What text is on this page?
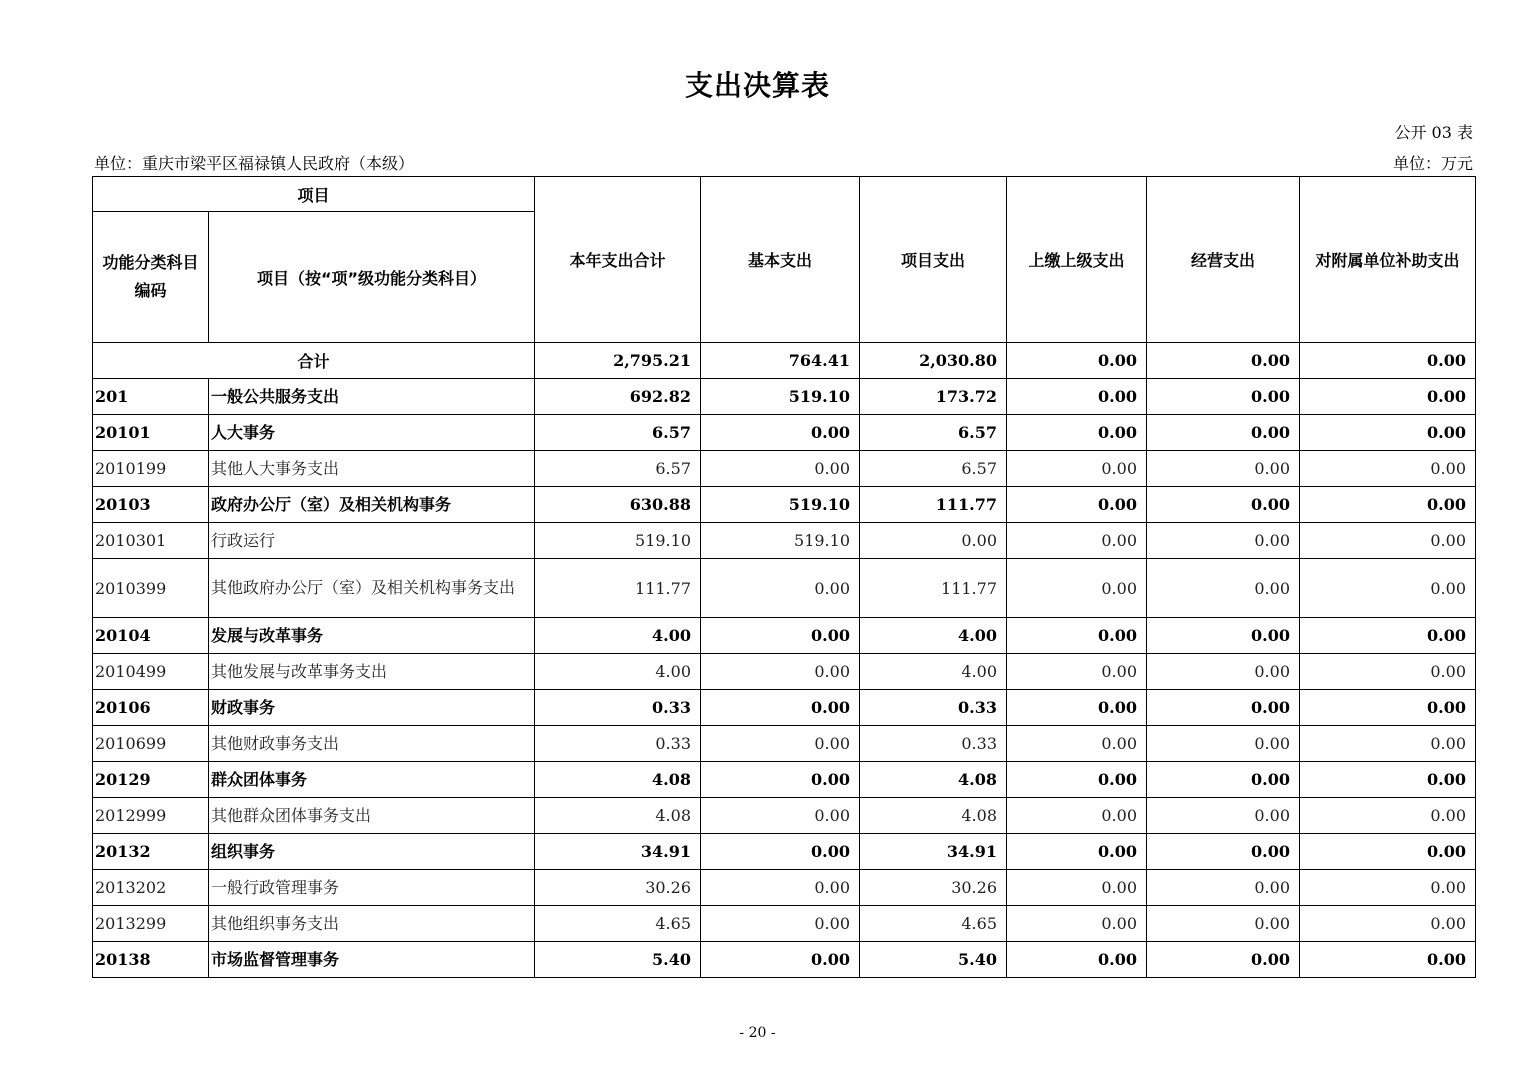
支出决算表
公开 03 表
单位：重庆市梁平区福禄镇人民政府（本级）	单位：万元
项目		本年支出合计	基本支出	项目支出	上缴上级支出	经营支出	对附属单位补助支出
功能分类科目编码	项目（按“项”级功能分类科目）						
合计		2,795.21	764.41	2,030.80	0.00	0.00	0.00
201	一般公共服务支出	692.82	519.10	173.72	0.00	0.00	0.00
20101	人大事务	6.57	0.00	6.57	0.00	0.00	0.00
2010199	其他人大事务支出	6.57	0.00	6.57	0.00	0.00	0.00
20103	政府办公厅（室）及相关机构事务	630.88	519.10	111.77	0.00	0.00	0.00
2010301	行政运行	519.10	519.10	0.00	0.00	0.00	0.00
2010399	其他政府办公厅（室）及相关机构事务支出	111.77	0.00	111.77	0.00	0.00	0.00
20104	发展与改革事务	4.00	0.00	4.00	0.00	0.00	0.00
2010499	其他发展与改革事务支出	4.00	0.00	4.00	0.00	0.00	0.00
20106	财政事务	0.33	0.00	0.33	0.00	0.00	0.00
2010699	其他财政事务支出	0.33	0.00	0.33	0.00	0.00	0.00
20129	群众团体事务	4.08	0.00	4.08	0.00	0.00	0.00
2012999	其他群众团体事务支出	4.08	0.00	4.08	0.00	0.00	0.00
20132	组织事务	34.91	0.00	34.91	0.00	0.00	0.00
2013202	一般行政管理事务	30.26	0.00	30.26	0.00	0.00	0.00
2013299	其他组织事务支出	4.65	0.00	4.65	0.00	0.00	0.00
20138	市场监督管理事务	5.40	0.00	5.40	0.00	0.00	0.00
- 20 -
